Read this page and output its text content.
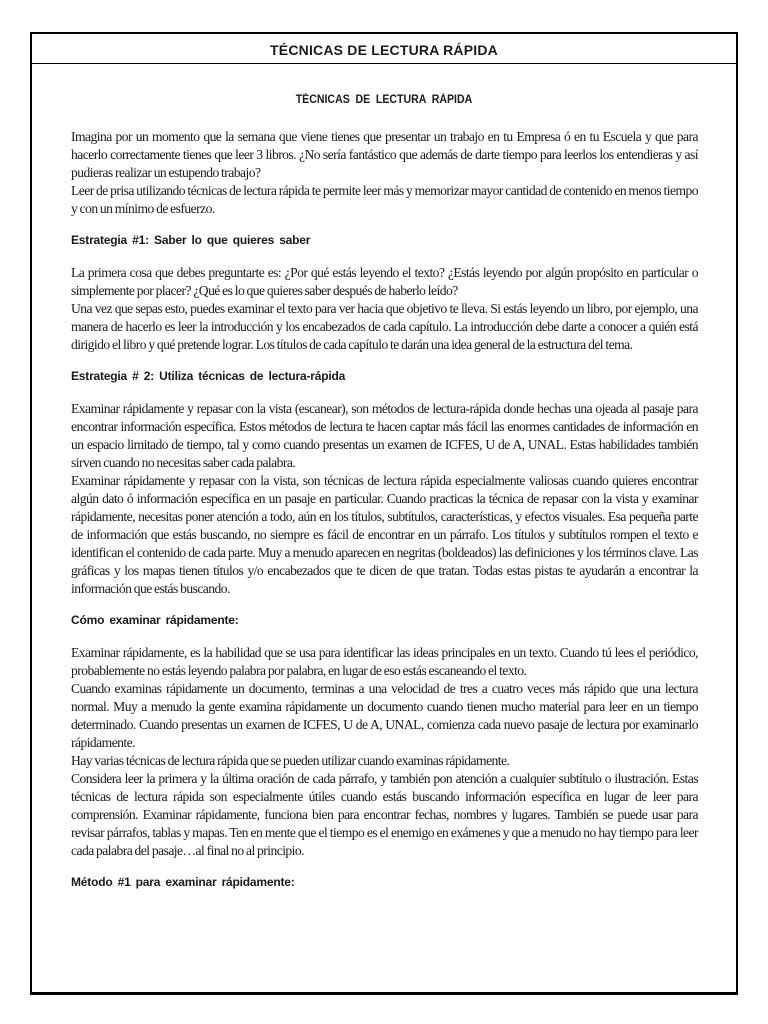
TÉCNICAS DE LECTURA RÁPIDA
TÉCNICAS DE LECTURA RÁPIDA

Imagina por un momento que la semana que viene tienes que presentar un trabajo en tu Empresa ó en tu Escuela y que para hacerlo correctamente tienes que leer 3 libros. ¿No sería fantástico que además de darte tiempo para leerlos los entendieras y así pudieras realizar un estupendo trabajo?

Leer de prisa utilizando técnicas de lectura rápida te permite leer más y memorizar mayor cantidad de contenido en menos tiempo y con un mínimo de esfuerzo.

Estrategia #1: Saber lo que quieres saber

La primera cosa que debes preguntarte es: ¿Por qué estás leyendo el texto? ¿Estás leyendo por algún propósito en particular o simplemente por placer? ¿Qué es lo que quieres saber después de haberlo leído?

Una vez que sepas esto, puedes examinar el texto para ver hacia que objetivo te lleva. Si estás leyendo un libro, por ejemplo, una manera de hacerlo es leer la introducción y los encabezados de cada capítulo. La introducción debe darte a conocer a quién está dirigido el libro y qué pretende lograr. Los títulos de cada capítulo te darán una idea general de la estructura del tema.

Estrategia # 2: Utiliza técnicas de lectura-rápida

Examinar rápidamente y repasar con la vista (escanear), son métodos de lectura-rápida donde hechas una ojeada al pasaje para encontrar información específica. Estos métodos de lectura te hacen captar más fácil las enormes cantidades de información en un espacio limitado de tiempo, tal y como cuando presentas un examen de ICFES, U de A, UNAL. Estas habilidades también sirven cuando no necesitas saber cada palabra.

Examinar rápidamente y repasar con la vista, son técnicas de lectura rápida especialmente valiosas cuando quieres encontrar algún dato ó información específica en un pasaje en particular. Cuando practicas la técnica de repasar con la vista y examinar rápidamente, necesitas poner atención a todo, aún en los títulos, subtítulos, características, y efectos visuales. Esa pequeña parte de información que estás buscando, no siempre es fácil de encontrar en un párrafo. Los títulos y subtítulos rompen el texto e identifican el contenido de cada parte. Muy a menudo aparecen en negritas (boldeados) las definiciones y los términos clave. Las gráficas y los mapas tienen títulos y/o encabezados que te dicen de que tratan. Todas estas pistas te ayudarán a encontrar la información que estás buscando.

Cómo examinar rápidamente:

Examinar rápidamente, es la habilidad que se usa para identificar las ideas principales en un texto. Cuando tú lees el periódico, probablemente no estás leyendo palabra por palabra, en lugar de eso estás escaneando el texto.

Cuando examinas rápidamente un documento, terminas a una velocidad de tres a cuatro veces más rápido que una lectura normal. Muy a menudo la gente examina rápidamente un documento cuando tienen mucho material para leer en un tiempo determinado. Cuando presentas un examen de ICFES, U de A, UNAL, comienza cada nuevo pasaje de lectura por examinarlo rápidamente.

Hay varias técnicas de lectura rápida que se pueden utilizar cuando examinas rápidamente.

Considera leer la primera y la última oración de cada párrafo, y también pon atención a cualquier subtítulo o ilustración. Estas técnicas de lectura rápida son especialmente útiles cuando estás buscando información específica en lugar de leer para comprensión. Examinar rápidamente, funciona bien para encontrar fechas, nombres y lugares. También se puede usar para revisar párrafos, tablas y mapas. Ten en mente que el tiempo es el enemigo en exámenes y que a menudo no hay tiempo para leer cada palabra del pasaje…al final no al principio.

Método #1 para examinar rápidamente:
